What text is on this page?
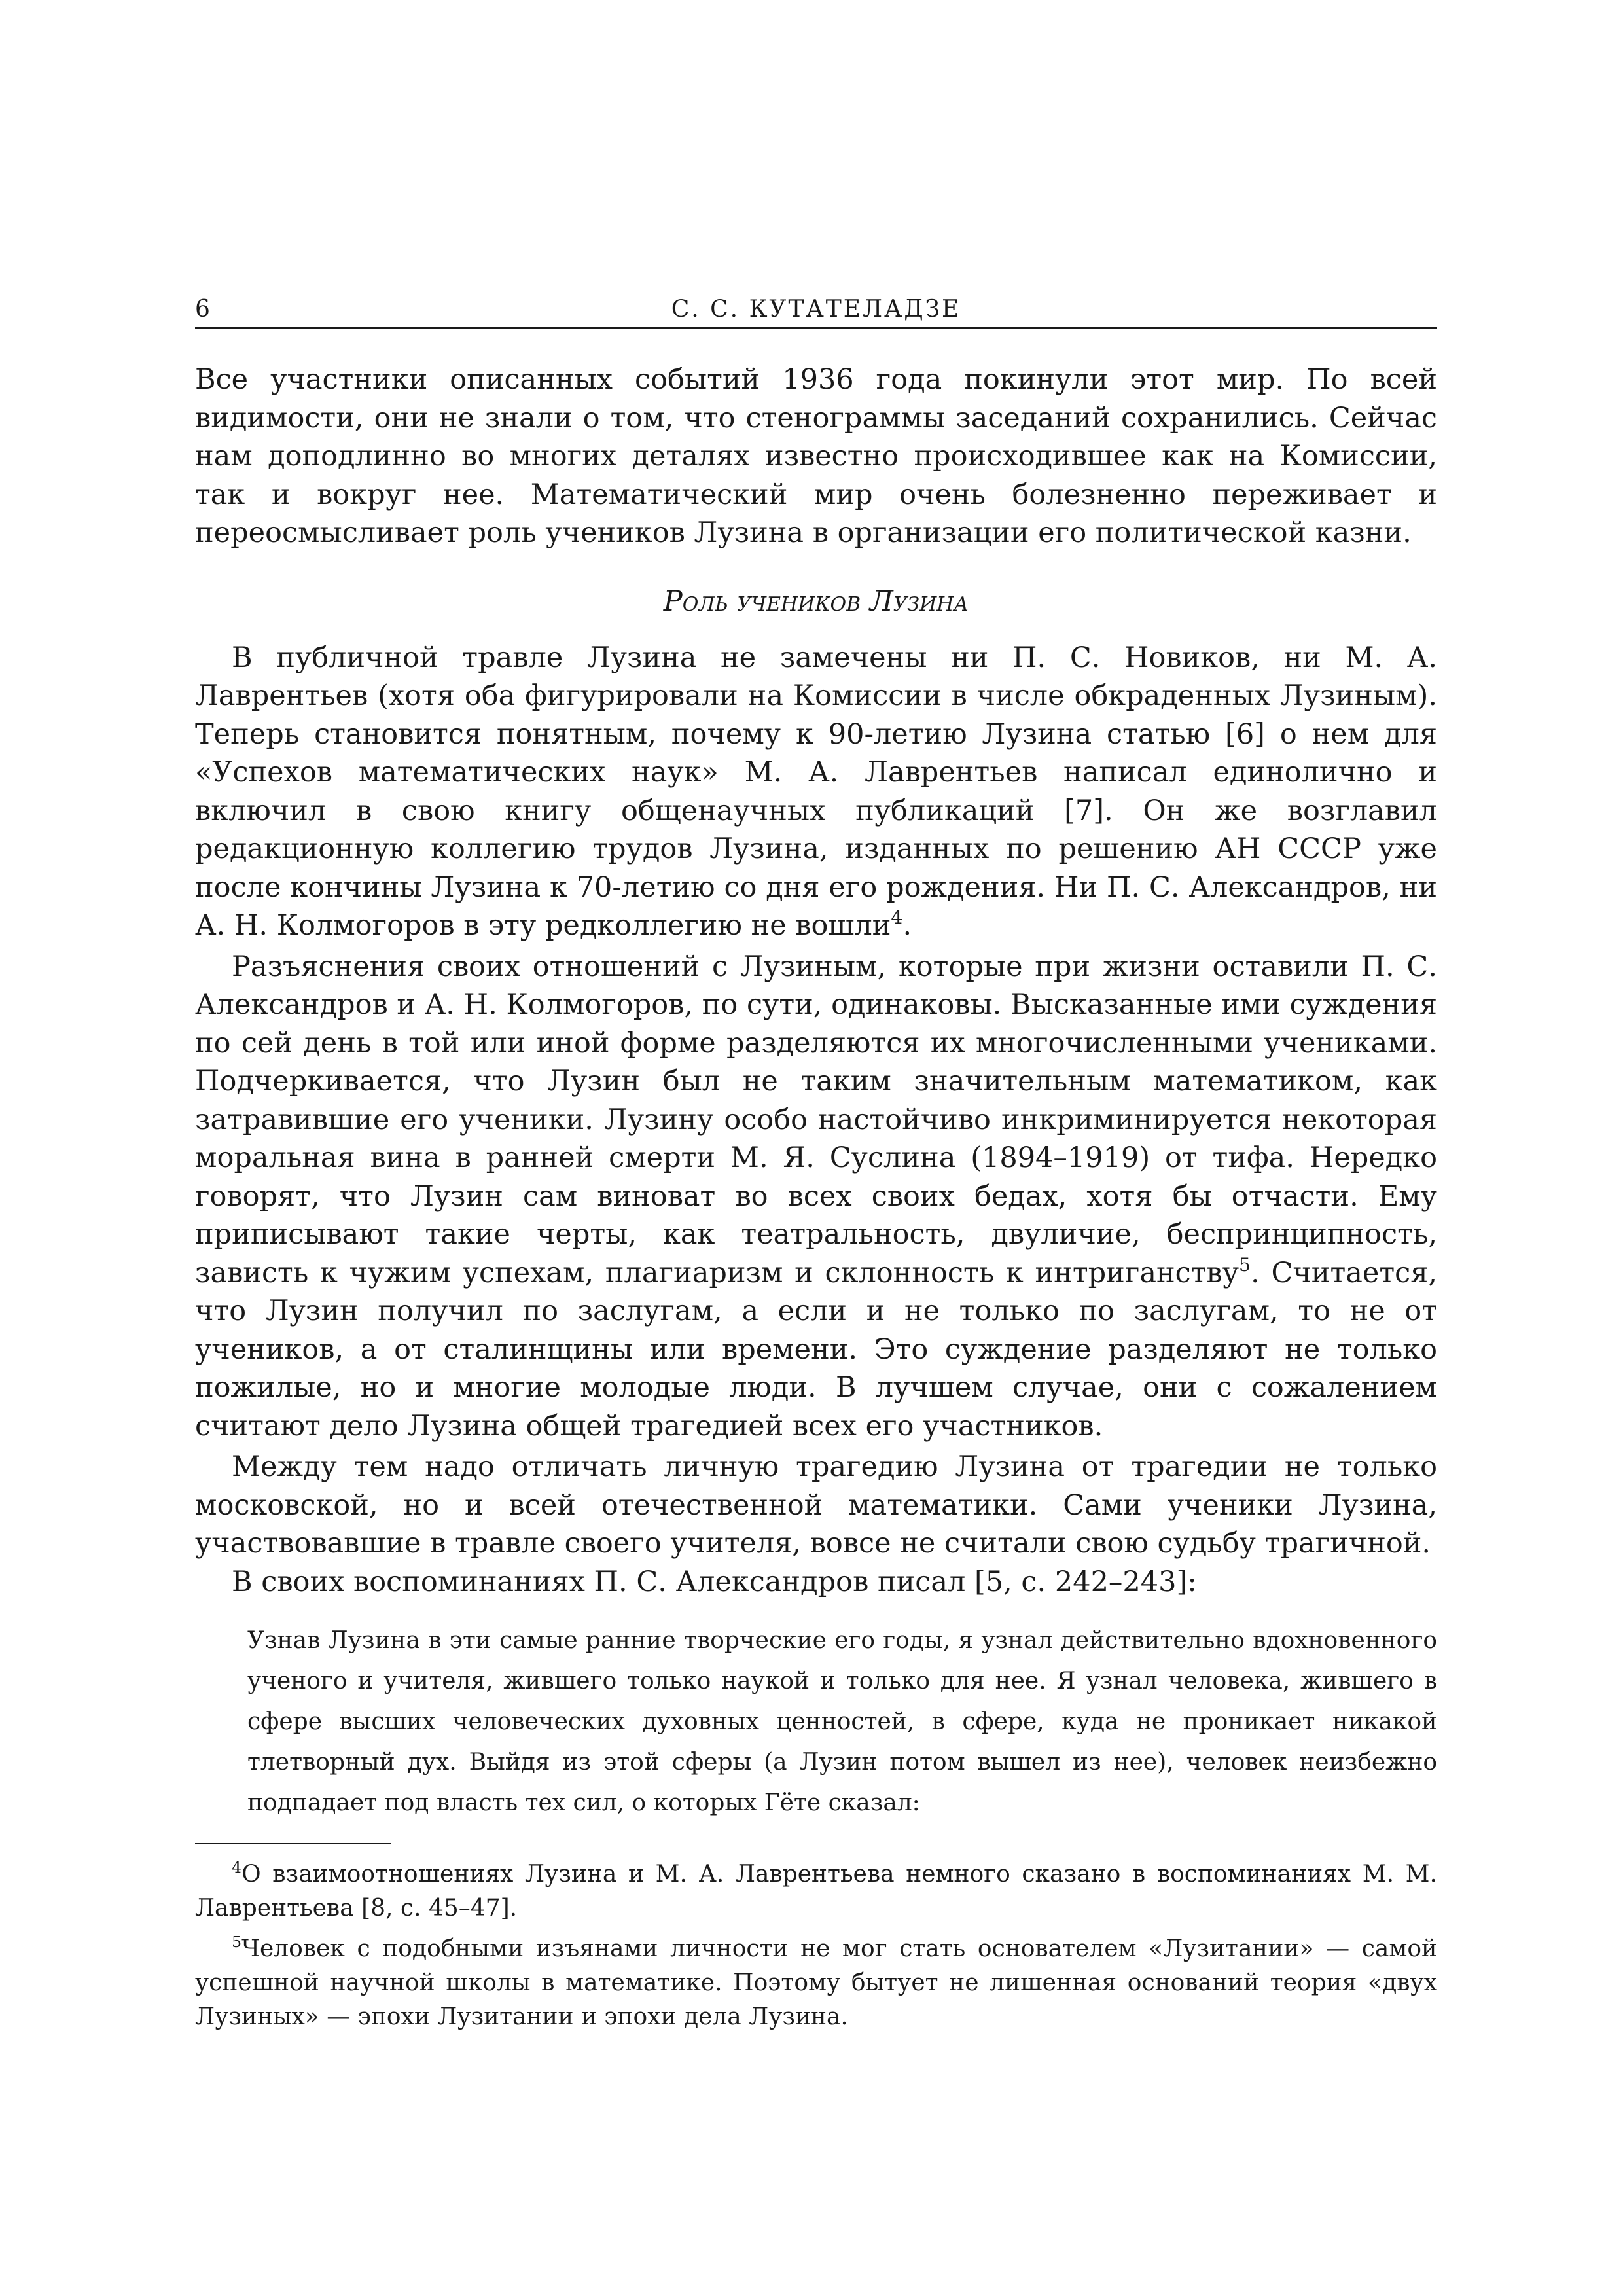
6	С. С. КУТАТЕЛАДЗЕ

Все участники описанных событий 1936 года покинули этот мир. По всей видимости, они не знали о том, что стенограммы заседаний сохранились. Сейчас нам доподлинно во многих деталях известно происходившее как на Комиссии, так и вокруг нее. Математический мир очень болезненно переживает и переосмысливает роль учеников Лузина в организации его политической казни.

Роль учеников Лузина

В публичной травле Лузина не замечены ни П. С. Новиков, ни М. А. Лаврентьев (хотя оба фигурировали на Комиссии в числе обкраденных Лузиным). Теперь становится понятным, почему к 90-летию Лузина статью [6] о нем для «Успехов математических наук» М. А. Лаврентьев написал единолично и включил в свою книгу общенаучных публикаций [7]. Он же возглавил редакционную коллегию трудов Лузина, изданных по решению АН СССР уже после кончины Лузина к 70-летию со дня его рождения. Ни П. С. Александров, ни А. Н. Колмогоров в эту редколлегию не вошли$^4$.

Разъяснения своих отношений с Лузиным, которые при жизни оставили П. С. Александров и А. Н. Колмогоров, по сути, одинаковы. Высказанные ими суждения по сей день в той или иной форме разделяются их многочисленными учениками. Подчеркивается, что Лузин был не таким значительным математиком, как затравившие его ученики. Лузину особо настойчиво инкриминируется некоторая моральная вина в ранней смерти М. Я. Суслина (1894–1919) от тифа. Нередко говорят, что Лузин сам виноват во всех своих бедах, хотя бы отчасти. Ему приписывают такие черты, как театральность, двуличие, беспринципность, зависть к чужим успехам, плагиаризм и склонность к интриганству$^5$. Считается, что Лузин получил по заслугам, а если и не только по заслугам, то не от учеников, а от сталинщины или времени. Это суждение разделяют не только пожилые, но и многие молодые люди. В лучшем случае, они с сожалением считают дело Лузина общей трагедией всех его участников.

Между тем надо отличать личную трагедию Лузина от трагедии не только московской, но и всей отечественной математики. Сами ученики Лузина, участвовавшие в травле своего учителя, вовсе не считали свою судьбу трагичной.

В своих воспоминаниях П. С. Александров писал [5, с. 242–243]:

Узнав Лузина в эти самые ранние творческие его годы, я узнал действительно вдохновенного ученого и учителя, жившего только наукой и только для нее. Я узнал человека, жившего в сфере высших человеческих духовных ценностей, в сфере, куда не проникает никакой тлетворный дух. Выйдя из этой сферы (а Лузин потом вышел из нее), человек неизбежно подпадает под власть тех сил, о которых Гёте сказал:

$^4$О взаимоотношениях Лузина и М. А. Лаврентьева немного сказано в воспоминаниях М. М. Лаврентьева [8, с. 45–47].

$^5$Человек с подобными изъянами личности не мог стать основателем «Лузитании» — самой успешной научной школы в математике. Поэтому бытует не лишенная оснований теория «двух Лузиных» — эпохи Лузитании и эпохи дела Лузина.
